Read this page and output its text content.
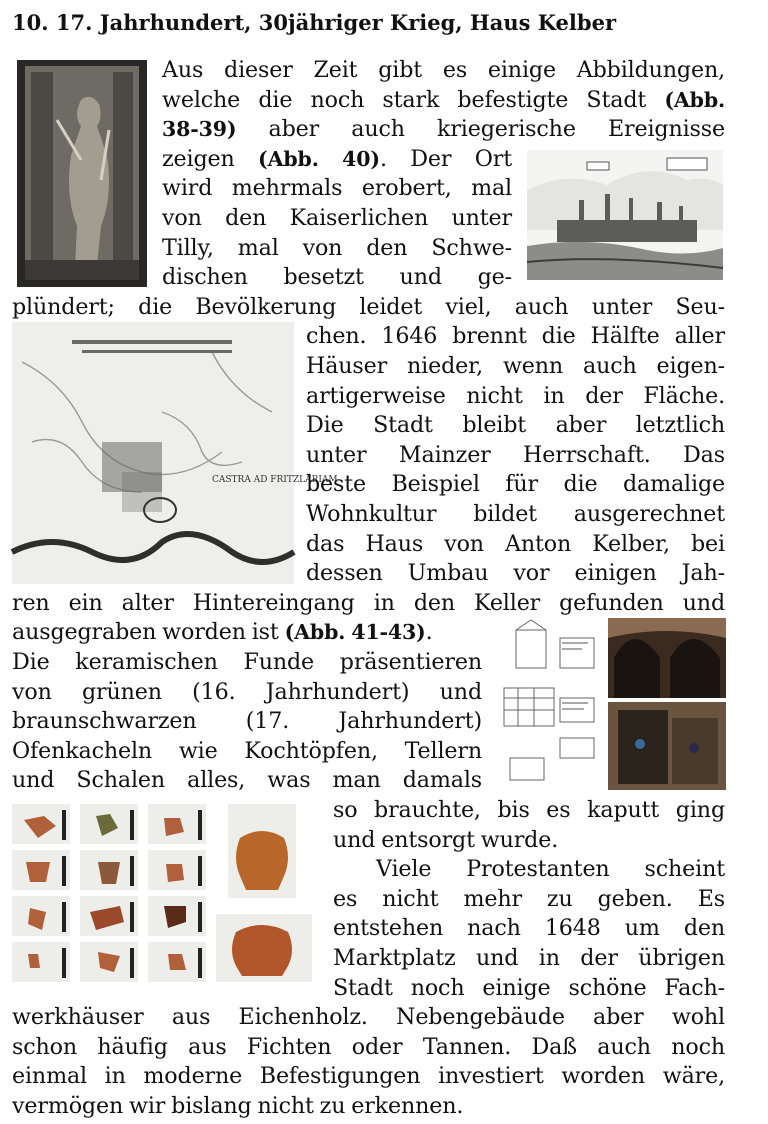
10. 17. Jahrhundert, 30jähriger Krieg, Haus Kelber
CASTRA AD FRITZLARIAM
Aus dieser Zeit gibt es einige Abbildungen,
welche die noch stark befestigte Stadt (Abb.
38-39) aber auch kriegerische Ereignisse
zeigen (Abb. 40). Der Ort
wird mehrmals erobert, mal
von den Kaiserlichen unter
Tilly, mal von den Schwe-
dischen besetzt und ge-
plündert; die Bevölkerung leidet viel, auch unter Seu-
chen. 1646 brennt die Hälfte aller
Häuser nieder, wenn auch eigen-
artigerweise nicht in der Fläche.
Die Stadt bleibt aber letztlich
unter Mainzer Herrschaft. Das
beste Beispiel für die damalige
Wohnkultur bildet ausgerechnet
das Haus von Anton Kelber, bei
dessen Umbau vor einigen Jah-
ren ein alter Hintereingang in den Keller gefunden und
ausgegraben worden ist (Abb. 41-43).
Die keramischen Funde präsentieren
von grünen (16. Jahrhundert) und
braunschwarzen (17. Jahrhundert)
Ofenkacheln wie Kochtöpfen, Tellern
und Schalen alles, was man damals
so brauchte, bis es kaputt ging
und entsorgt wurde.
Viele Protestanten scheint
es nicht mehr zu geben. Es
entstehen nach 1648 um den
Marktplatz und in der übrigen
Stadt noch einige schöne Fach-
werkhäuser aus Eichenholz. Nebengebäude aber wohl
schon häufig aus Fichten oder Tannen. Daß auch noch
einmal in moderne Befestigungen investiert worden wäre,
vermögen wir bislang nicht zu erkennen.
